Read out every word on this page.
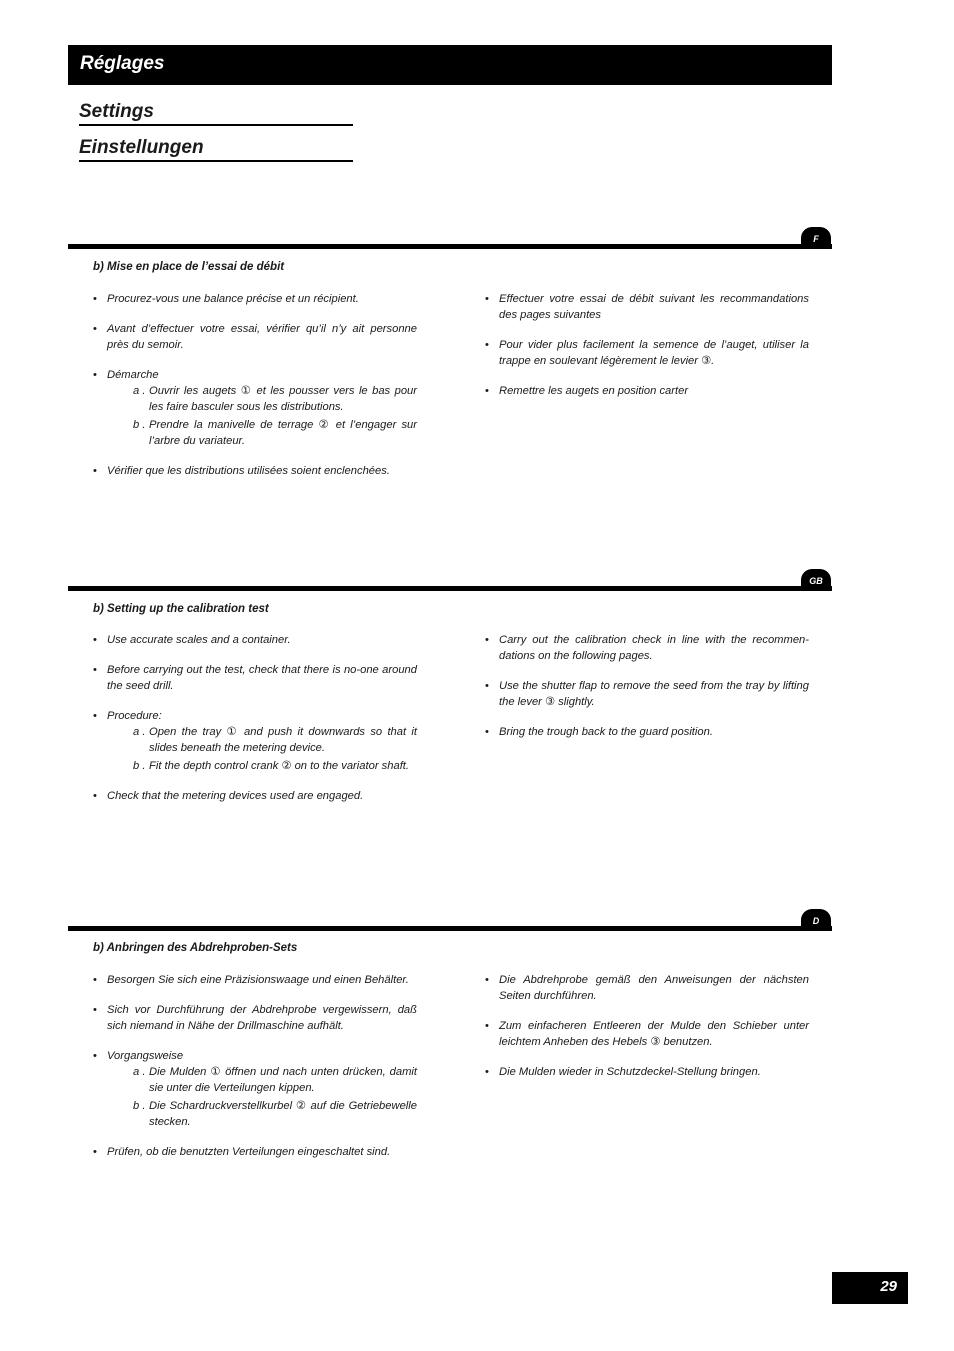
Réglages
Settings
Einstellungen
F
b) Mise en place de l’essai de débit
• Procurez-vous une balance précise et un récipient.
• Avant d’effectuer votre essai, vérifier qu’il n’y ait personne près du semoir.
• Démarche
a . Ouvrir les augets ① et les pousser vers le bas pour les faire basculer sous les distributions.
b . Prendre la manivelle de terrage ② et l’engager sur l’arbre du variateur.
• Vérifier que les distributions utilisées soient enclenchées.
• Effectuer votre essai de débit suivant les recommandations des pages suivantes
• Pour vider plus facilement la semence de l’auget, utiliser la trappe en soulevant légèrement le levier ③.
• Remettre les augets en position carter
GB
b) Setting up the calibration test
• Use accurate scales and a container.
• Before carrying out the test, check that there is no-one around the seed drill.
• Procedure:
a . Open the tray ① and push it downwards so that it slides beneath the metering device.
b . Fit the depth control crank ② on to the variator shaft.
• Check that the metering devices used are engaged.
• Carry out the calibration check in line with the recommen-dations on the following pages.
• Use the shutter flap to remove the seed from the tray by lifting the lever ③ slightly.
• Bring the trough back to the guard position.
D
b) Anbringen des Abdrehproben-Sets
• Besorgen Sie sich eine Präzisionswaage und einen Behälter.
• Sich vor Durchführung der Abdrehprobe vergewissern, daß sich niemand in Nähe der Drillmaschine aufhält.
• Vorgangsweise
a . Die Mulden ① öffnen und nach unten drücken, damit sie unter die Verteilungen kippen.
b . Die Schardruckverstellkurbel ② auf die Getriebewelle stecken.
• Prüfen, ob die benutzten Verteilungen eingeschaltet sind.
• Die Abdrehprobe gemäß den Anweisungen der nächsten Seiten durchführen.
• Zum einfacheren Entleeren der Mulde den Schieber unter leichtem Anheben des Hebels ③ benutzen.
• Die Mulden wieder in Schutzdeckel-Stellung bringen.
29
